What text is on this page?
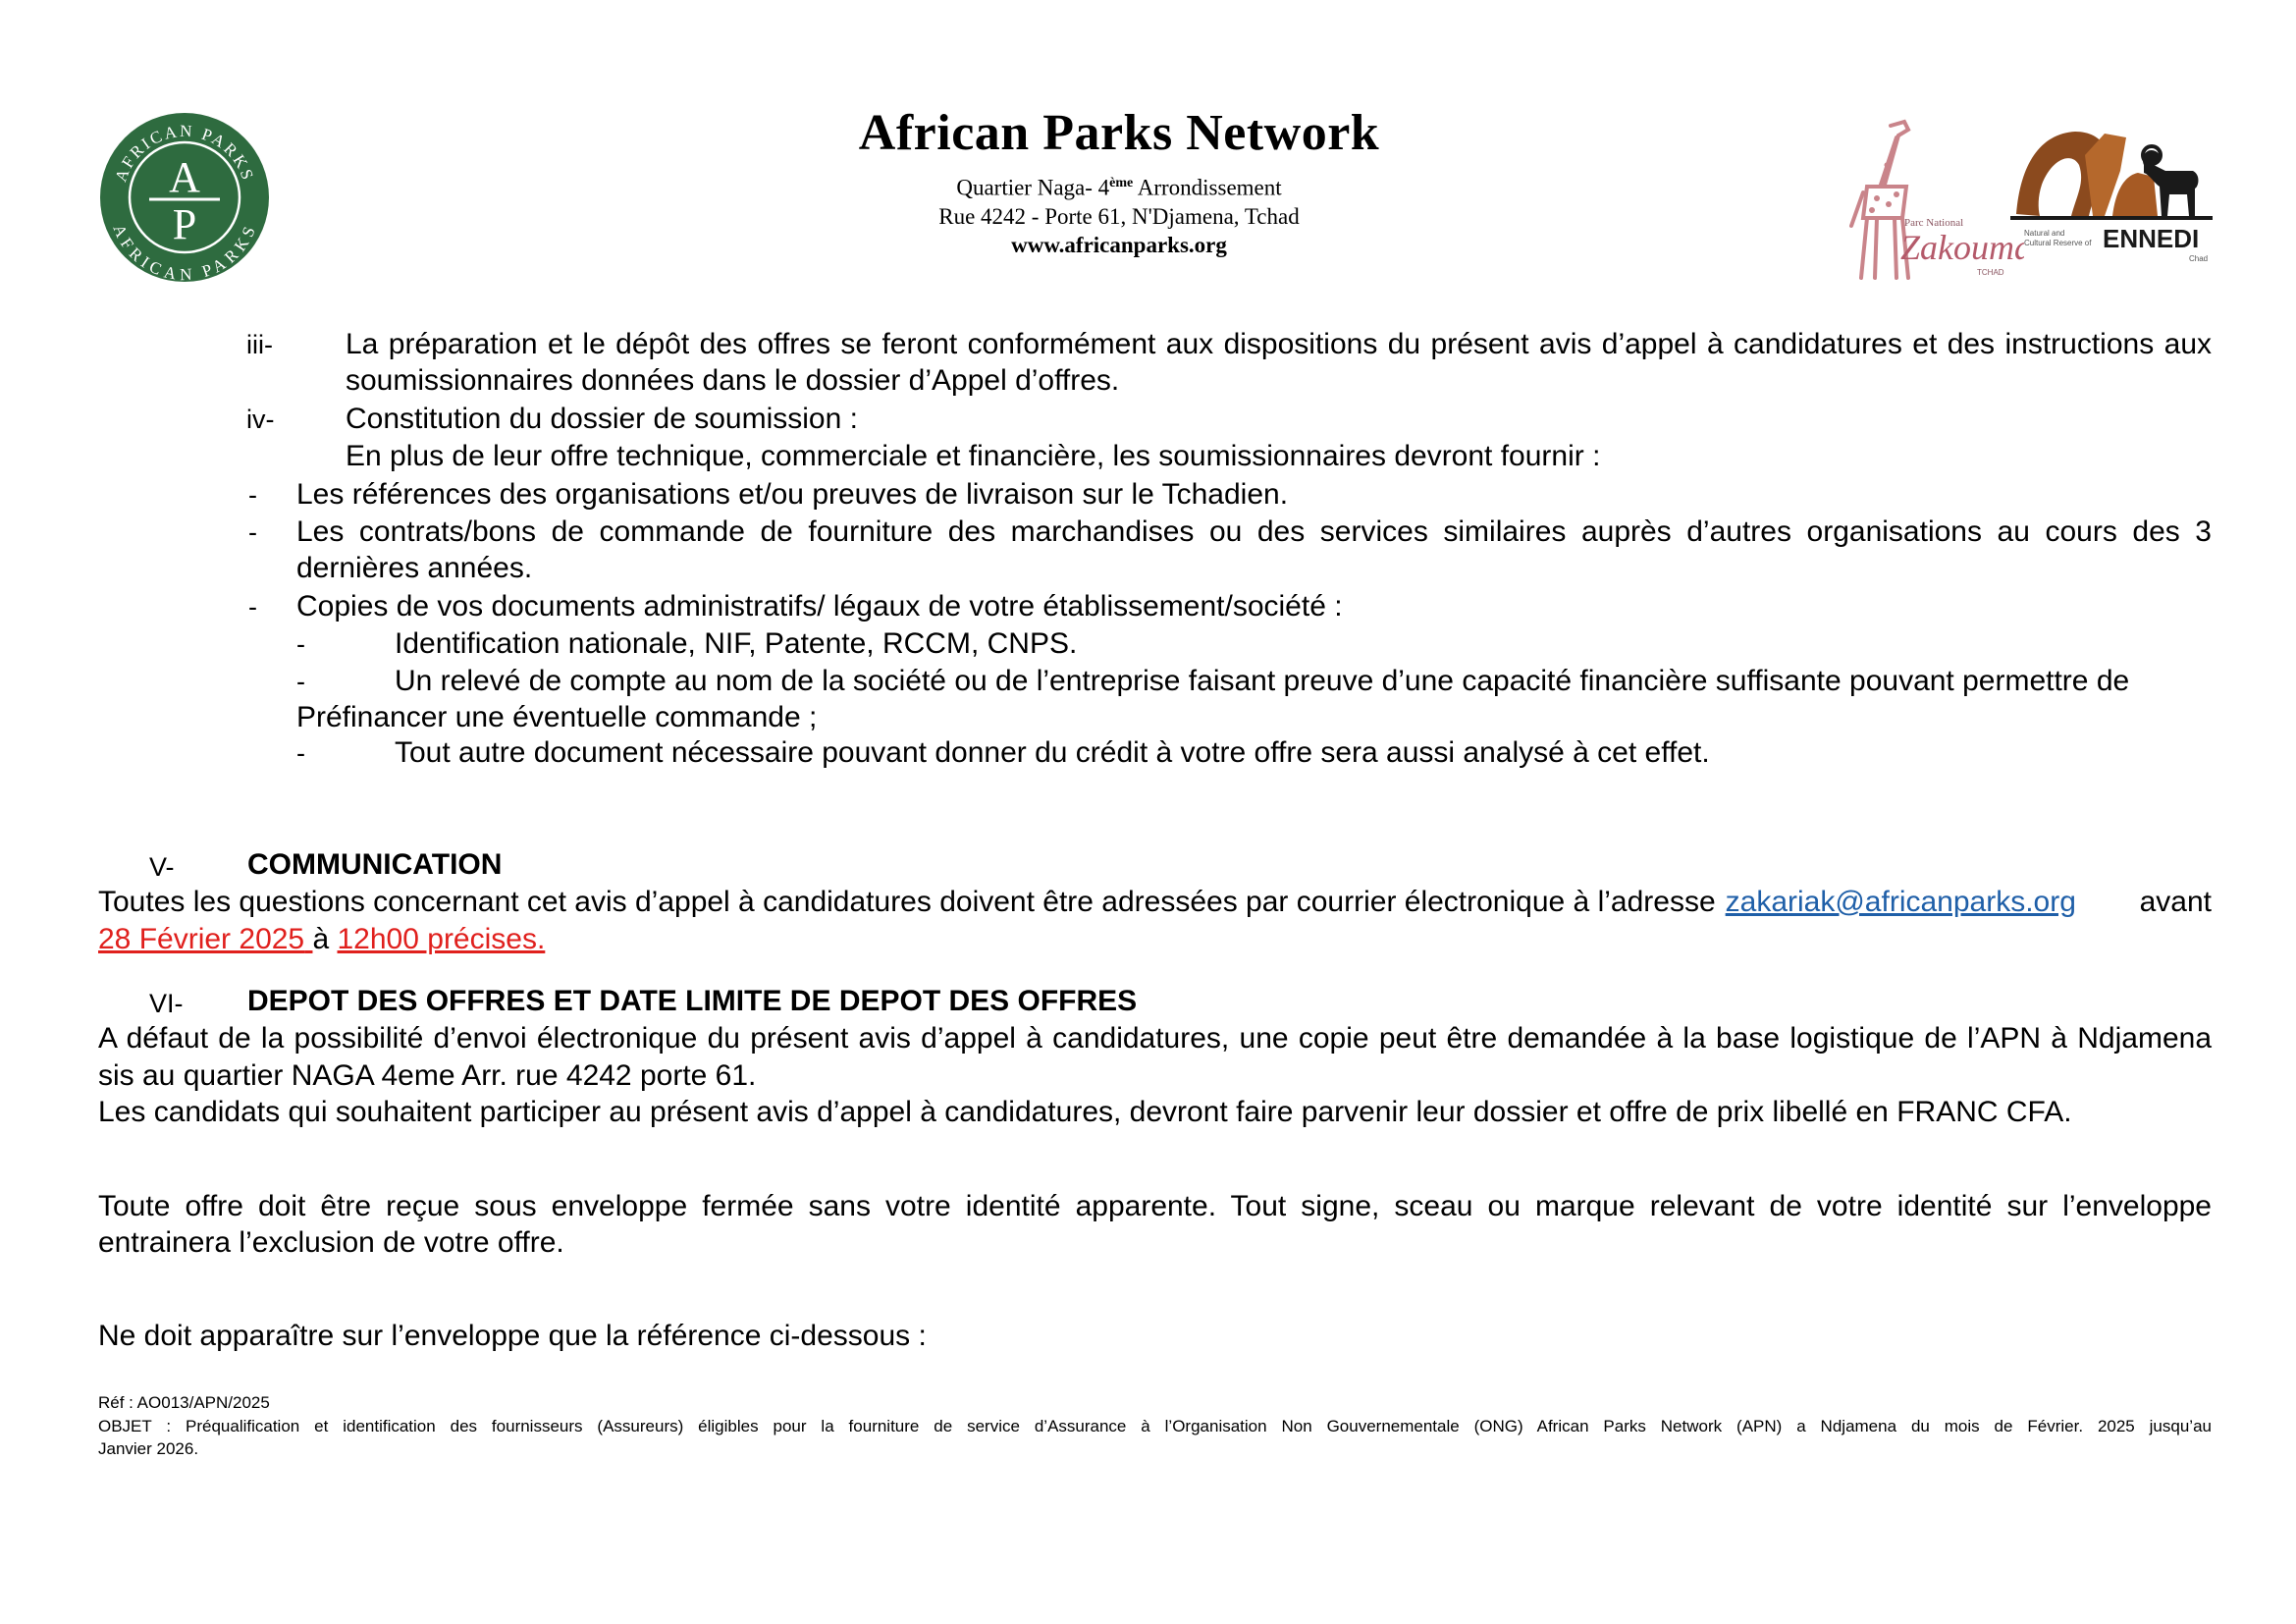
AFRICAN PARKS
AFRICAN PARKS
A
P
African Parks Network
Quartier Naga- 4ème Arrondissement
Rue 4242 - Porte 61, N'Djamena, Tchad
www.africanparks.org
Parc National
Zakouma
TCHAD
Natural and
Cultural Reserve of ENNEDI
Chad
iii- La préparation et le dépôt des offres se feront conformément aux dispositions du présent avis d’appel à candidatures et des instructions aux
soumissionnaires données dans le dossier d’Appel d’offres.
iv- Constitution du dossier de soumission :
En plus de leur offre technique, commerciale et financière, les soumissionnaires devront fournir :
- Les références des organisations et/ou preuves de livraison sur le Tchadien.
- Les contrats/bons de commande de fourniture des marchandises ou des services similaires auprès d’autres organisations au cours des 3
dernières années.
- Copies de vos documents administratifs/ légaux de votre établissement/société :
-	Identification nationale, NIF, Patente, RCCM, CNPS.
-	Un relevé de compte au nom de la société ou de l’entreprise faisant preuve d’une capacité financière suffisante pouvant permettre de
Préfinancer une éventuelle commande ;
-	Tout autre document nécessaire pouvant donner du crédit à votre offre sera aussi analysé à cet effet.
V- COMMUNICATION
Toutes les questions concernant cet avis d’appel à candidatures doivent être adressées par courrier électronique à l’adresse zakariak@africanparks.org avant
28 Février 2025 à 12h00 précises.
VI- DEPOT DES OFFRES ET DATE LIMITE DE DEPOT DES OFFRES
A défaut de la possibilité d’envoi électronique du présent avis d’appel à candidatures, une copie peut être demandée à la base logistique de l’APN à Ndjamena
sis au quartier NAGA 4eme Arr. rue 4242 porte 61.
Les candidats qui souhaitent participer au présent avis d’appel à candidatures, devront faire parvenir leur dossier et offre de prix libellé en FRANC CFA.
Toute offre doit être reçue sous enveloppe fermée sans votre identité apparente. Tout signe, sceau ou marque relevant de votre identité sur l’enveloppe
entrainera l’exclusion de votre offre.
Ne doit apparaître sur l’enveloppe que la référence ci-dessous :
Réf : AO013/APN/2025
OBJET : Préqualification et identification des fournisseurs (Assureurs) éligibles pour la fourniture de service d’Assurance à l’Organisation Non Gouvernementale (ONG) African Parks Network (APN) a Ndjamena du mois de Février. 2025 jusqu’au
Janvier 2026.
